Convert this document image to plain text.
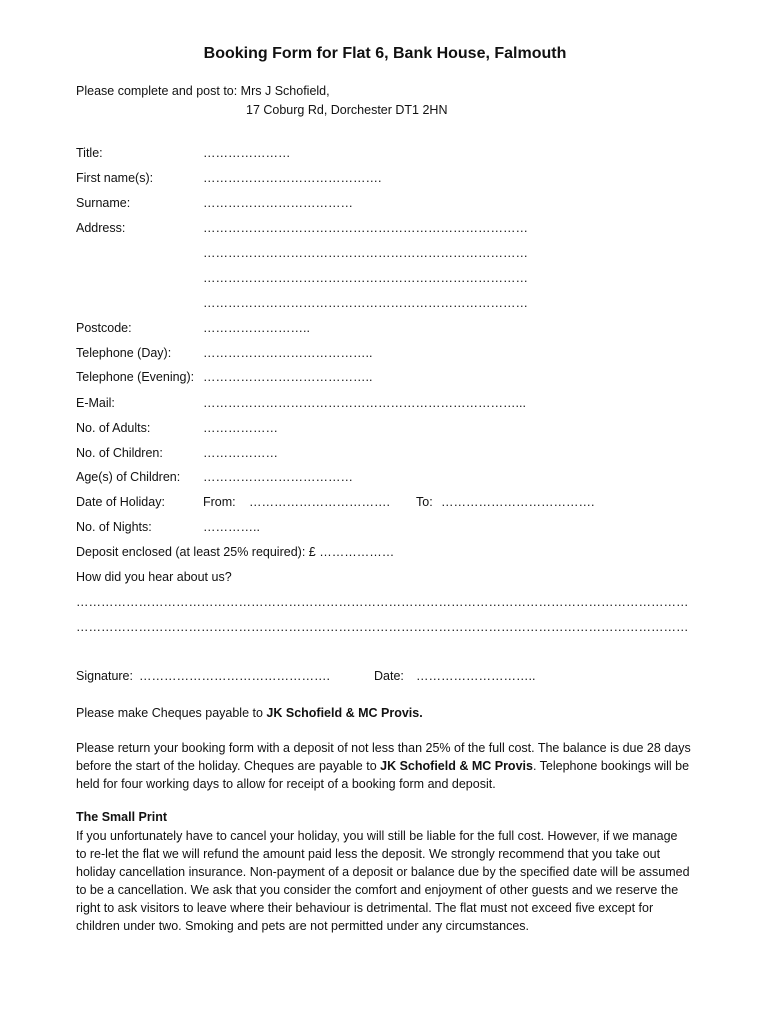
Booking Form for Flat 6, Bank House, Falmouth
Please complete and post to: Mrs J Schofield,
17 Coburg Rd, Dorchester DT1 2HN
Title:	…………………
First name(s):	…………………………………….
Surname:	………………………………
Address:	……………………………………………………………………
……………………………………………………………………
……………………………………………………………………
……………………………………………………………………
Postcode:	……………………..
Telephone (Day):	…………………………………..
Telephone (Evening): …………………………………..
E-Mail:	…………………………………………………………………...
No. of Adults:	………………
No. of Children:	………………
Age(s) of Children: ………………………………
Date of Holiday:	From: ……………………………. To: ……………………………….
No. of Nights:	…………..
Deposit enclosed (at least 25% required): £ ………………
How did you hear about us?
…………………………………………………………………………………………………………………………………
…………………………………………………………………………………………………………………………………
Signature: ……………………………………….	Date: ………………………..
Please make Cheques payable to JK Schofield & MC Provis.
Please return your booking form with a deposit of not less than 25% of the full cost. The balance is due 28 days before the start of the holiday. Cheques are payable to JK Schofield & MC Provis. Telephone bookings will be held for four working days to allow for receipt of a booking form and deposit.
The Small Print
If you unfortunately have to cancel your holiday, you will still be liable for the full cost. However, if we manage to re-let the flat we will refund the amount paid less the deposit. We strongly recommend that you take out holiday cancellation insurance. Non-payment of a deposit or balance due by the specified date will be assumed to be a cancellation. We ask that you consider the comfort and enjoyment of other guests and we reserve the right to ask visitors to leave where their behaviour is detrimental. The flat must not exceed five except for children under two. Smoking and pets are not permitted under any circumstances.
